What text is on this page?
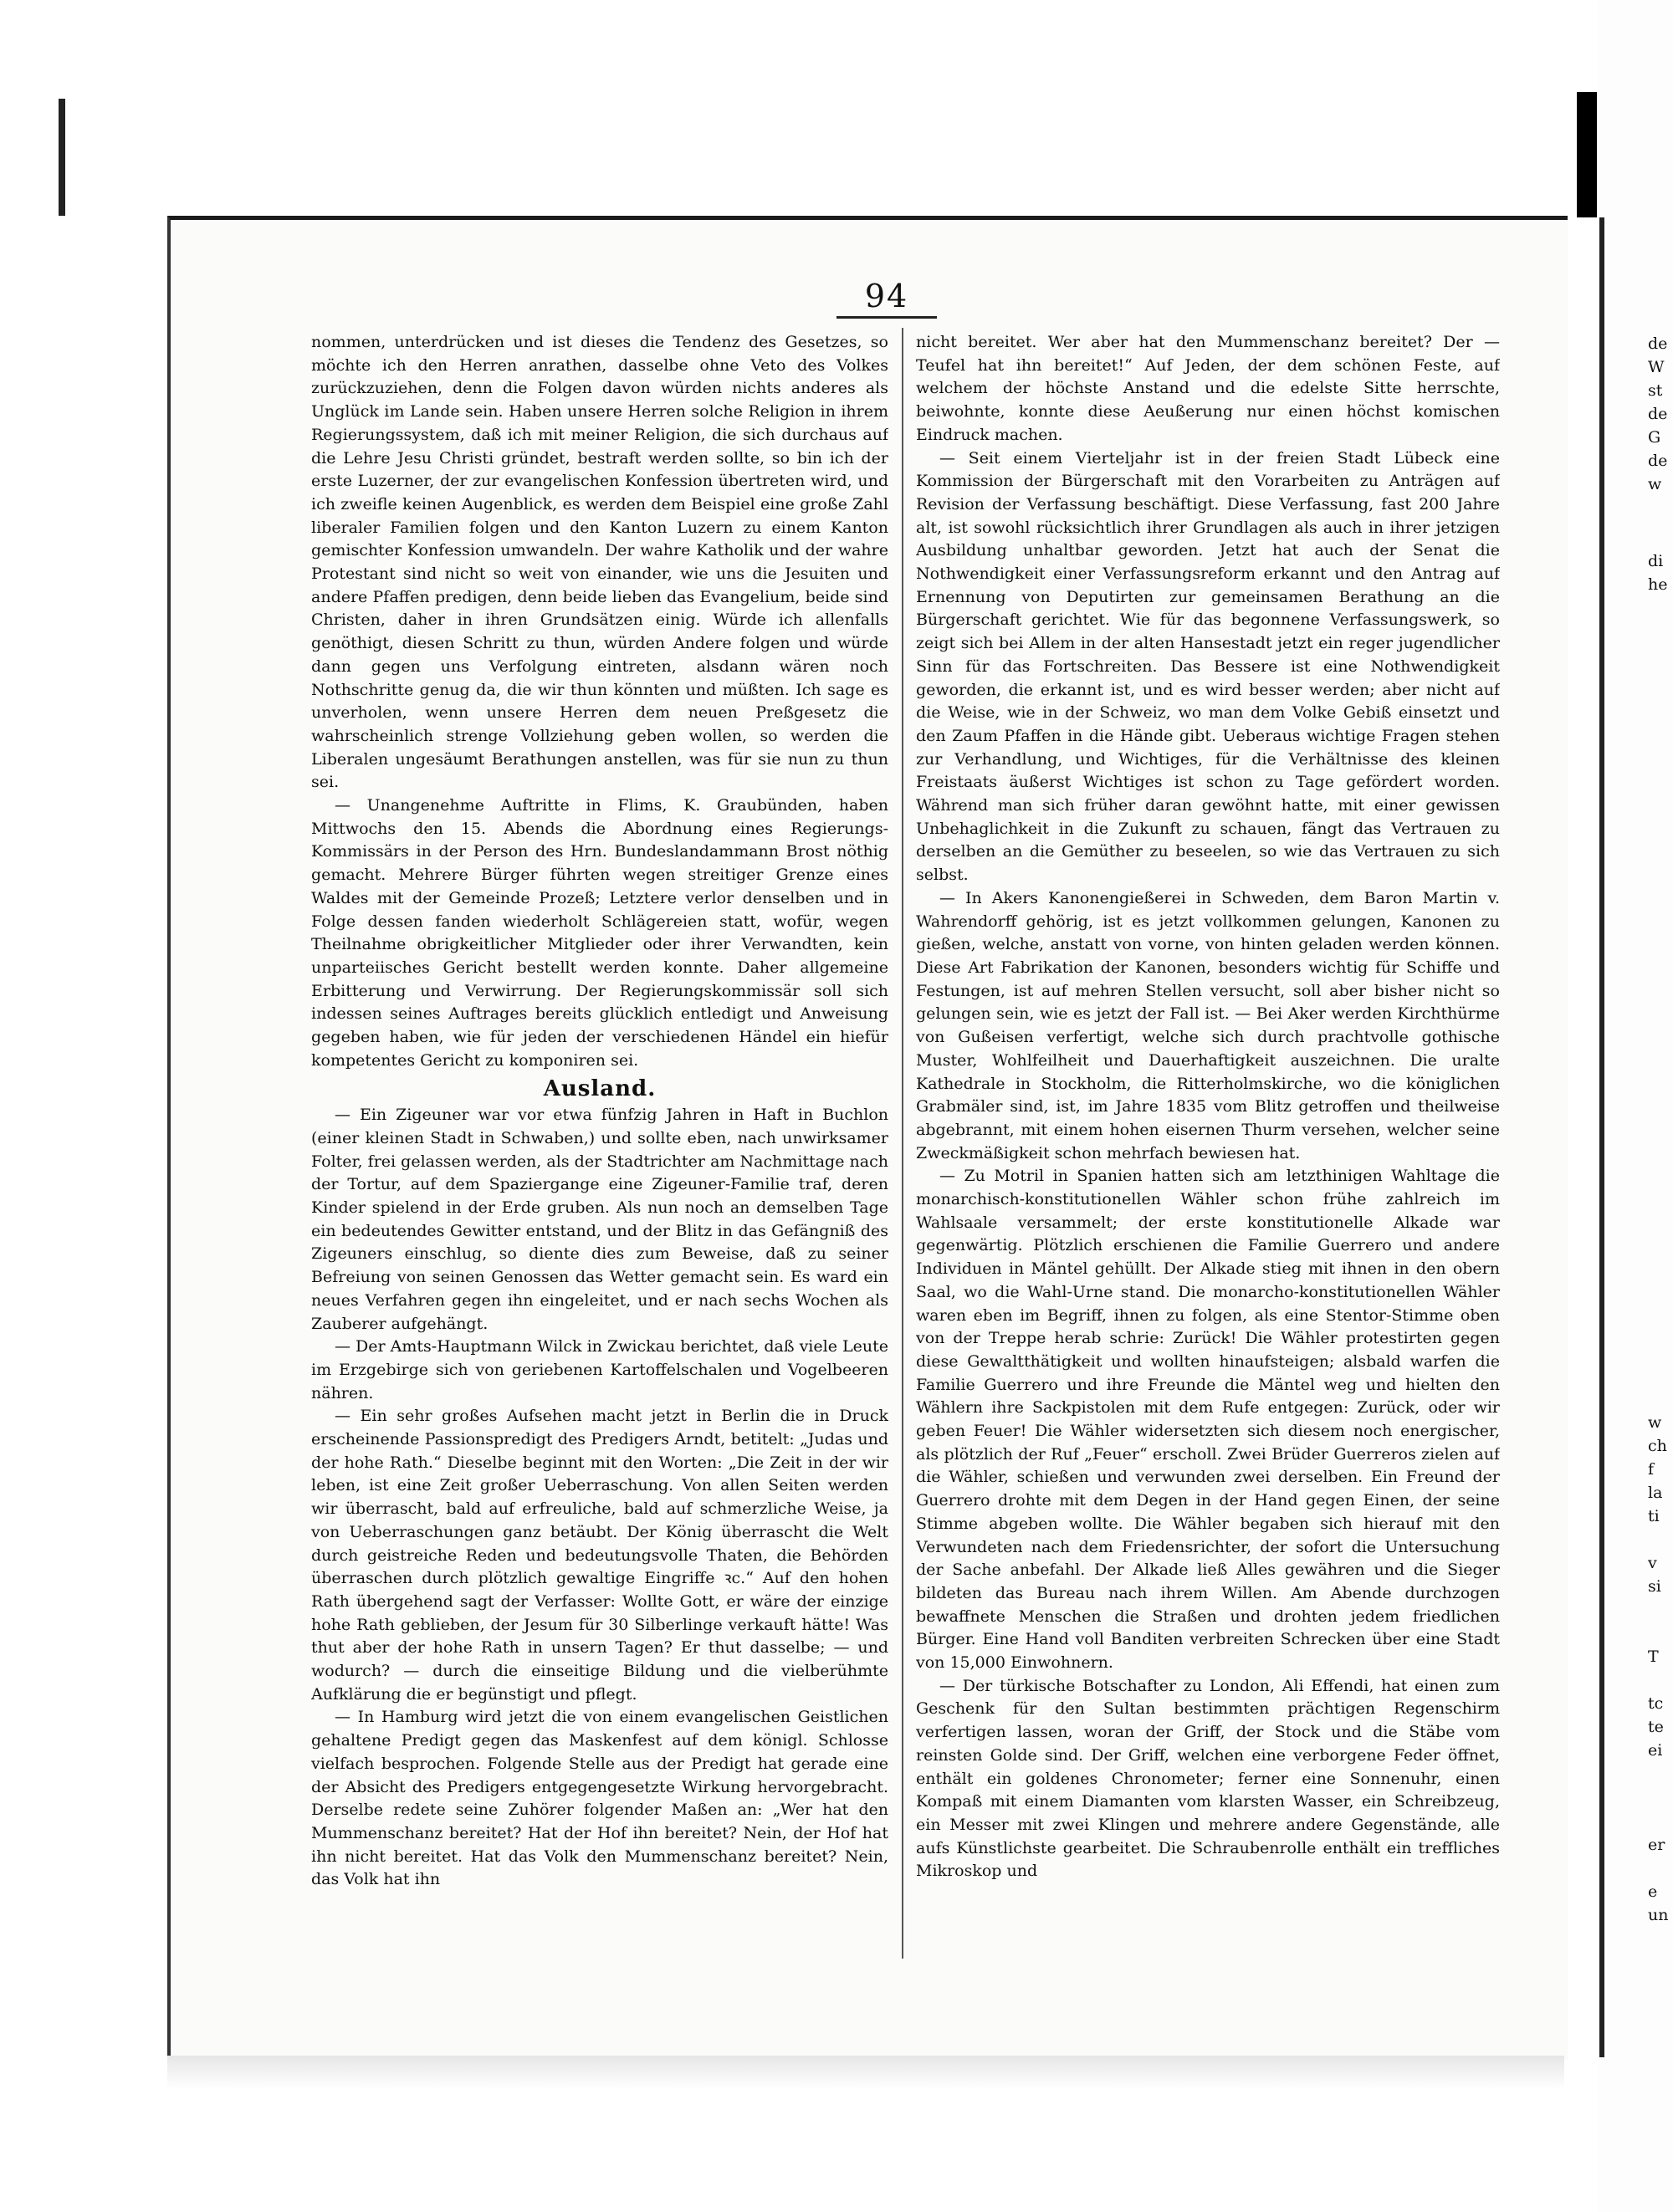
94

nommen, unterdrücken und ist dieses die Tendenz des Gesetzes, so möchte ich den Herren anrathen, dasselbe ohne Veto des Volkes zurückzuziehen, denn die Folgen davon würden nichts anderes als Unglück im Lande sein. Haben unsere Herren solche Religion in ihrem Regierungssystem, daß ich mit meiner Religion, die sich durchaus auf die Lehre Jesu Christi gründet, bestraft werden sollte, so bin ich der erste Luzerner, der zur evangelischen Konfession übertreten wird, und ich zweifle keinen Augenblick, es werden dem Beispiel eine große Zahl liberaler Familien folgen und den Kanton Luzern zu einem Kanton gemischter Konfession umwandeln. Der wahre Katholik und der wahre Protestant sind nicht so weit von einander, wie uns die Jesuiten und andere Pfaffen predigen, denn beide lieben das Evangelium, beide sind Christen, daher in ihren Grundsätzen einig. Würde ich allenfalls genöthigt, diesen Schritt zu thun, würden Andere folgen und würde dann gegen uns Verfolgung eintreten, alsdann wären noch Nothschritte genug da, die wir thun könnten und müßten. Ich sage es unverholen, wenn unsere Herren dem neuen Preßgesetz die wahrscheinlich strenge Vollziehung geben wollen, so werden die Liberalen ungesäumt Berathungen anstellen, was für sie nun zu thun sei.

— Unangenehme Auftritte in Flims, K. Graubünden, haben Mittwochs den 15. Abends die Abordnung eines Regierungs-Kommissärs in der Person des Hrn. Bundeslandammann Brost nöthig gemacht. Mehrere Bürger führten wegen streitiger Grenze eines Waldes mit der Gemeinde Prozeß; Letztere verlor denselben und in Folge dessen fanden wiederholt Schlägereien statt, wofür, wegen Theilnahme obrigkeitlicher Mitglieder oder ihrer Verwandten, kein unparteiisches Gericht bestellt werden konnte. Daher allgemeine Erbitterung und Verwirrung. Der Regierungskommissär soll sich indessen seines Auftrages bereits glücklich entledigt und Anweisung gegeben haben, wie für jeden der verschiedenen Händel ein hiefür kompetentes Gericht zu komponiren sei.

Ausland.

— Ein Zigeuner war vor etwa fünfzig Jahren in Haft in Buchlon (einer kleinen Stadt in Schwaben,) und sollte eben, nach unwirksamer Folter, frei gelassen werden, als der Stadtrichter am Nachmittage nach der Tortur, auf dem Spaziergange eine Zigeuner-Familie traf, deren Kinder spielend in der Erde gruben. Als nun noch an demselben Tage ein bedeutendes Gewitter entstand, und der Blitz in das Gefängniß des Zigeuners einschlug, so diente dies zum Beweise, daß zu seiner Befreiung von seinen Genossen das Wetter gemacht sein. Es ward ein neues Verfahren gegen ihn eingeleitet, und er nach sechs Wochen als Zauberer aufgehängt.

— Der Amts-Hauptmann Wilck in Zwickau berichtet, daß viele Leute im Erzgebirge sich von geriebenen Kartoffelschalen und Vogelbeeren nähren.

— Ein sehr großes Aufsehen macht jetzt in Berlin die in Druck erscheinende Passionspredigt des Predigers Arndt, betitelt: „Judas und der hohe Rath.“ Dieselbe beginnt mit den Worten: „Die Zeit in der wir leben, ist eine Zeit großer Ueberraschung. Von allen Seiten werden wir überrascht, bald auf erfreuliche, bald auf schmerzliche Weise, ja von Ueberraschungen ganz betäubt. Der König überrascht die Welt durch geistreiche Reden und bedeutungsvolle Thaten, die Behörden überraschen durch plötzlich gewaltige Eingriffe ꝛc.“ Auf den hohen Rath übergehend sagt der Verfasser: Wollte Gott, er wäre der einzige hohe Rath geblieben, der Jesum für 30 Silberlinge verkauft hätte! Was thut aber der hohe Rath in unsern Tagen? Er thut dasselbe; — und wodurch? — durch die einseitige Bildung und die vielberühmte Aufklärung die er begünstigt und pflegt.

— In Hamburg wird jetzt die von einem evangelischen Geistlichen gehaltene Predigt gegen das Maskenfest auf dem königl. Schlosse vielfach besprochen. Folgende Stelle aus der Predigt hat gerade eine der Absicht des Predigers entgegengesetzte Wirkung hervorgebracht. Derselbe redete seine Zuhörer folgender Maßen an: „Wer hat den Mummenschanz bereitet? Hat der Hof ihn bereitet? Nein, der Hof hat ihn nicht bereitet. Hat das Volk den Mummenschanz bereitet? Nein, das Volk hat ihn

nicht bereitet. Wer aber hat den Mummenschanz bereitet? Der — Teufel hat ihn bereitet!“ Auf Jeden, der dem schönen Feste, auf welchem der höchste Anstand und die edelste Sitte herrschte, beiwohnte, konnte diese Aeußerung nur einen höchst komischen Eindruck machen.

— Seit einem Vierteljahr ist in der freien Stadt Lübeck eine Kommission der Bürgerschaft mit den Vorarbeiten zu Anträgen auf Revision der Verfassung beschäftigt. Diese Verfassung, fast 200 Jahre alt, ist sowohl rücksichtlich ihrer Grundlagen als auch in ihrer jetzigen Ausbildung unhaltbar geworden. Jetzt hat auch der Senat die Nothwendigkeit einer Verfassungsreform erkannt und den Antrag auf Ernennung von Deputirten zur gemeinsamen Berathung an die Bürgerschaft gerichtet. Wie für das begonnene Verfassungswerk, so zeigt sich bei Allem in der alten Hansestadt jetzt ein reger jugendlicher Sinn für das Fortschreiten. Das Bessere ist eine Nothwendigkeit geworden, die erkannt ist, und es wird besser werden; aber nicht auf die Weise, wie in der Schweiz, wo man dem Volke Gebiß einsetzt und den Zaum Pfaffen in die Hände gibt. Ueberaus wichtige Fragen stehen zur Verhandlung, und Wichtiges, für die Verhältnisse des kleinen Freistaats äußerst Wichtiges ist schon zu Tage gefördert worden. Während man sich früher daran gewöhnt hatte, mit einer gewissen Unbehaglichkeit in die Zukunft zu schauen, fängt das Vertrauen zu derselben an die Gemüther zu beseelen, so wie das Vertrauen zu sich selbst.

— In Akers Kanonengießerei in Schweden, dem Baron Martin v. Wahrendorff gehörig, ist es jetzt vollkommen gelungen, Kanonen zu gießen, welche, anstatt von vorne, von hinten geladen werden können. Diese Art Fabrikation der Kanonen, besonders wichtig für Schiffe und Festungen, ist auf mehren Stellen versucht, soll aber bisher nicht so gelungen sein, wie es jetzt der Fall ist. — Bei Aker werden Kirchthürme von Gußeisen verfertigt, welche sich durch prachtvolle gothische Muster, Wohlfeilheit und Dauerhaftigkeit auszeichnen. Die uralte Kathedrale in Stockholm, die Ritterholmskirche, wo die königlichen Grabmäler sind, ist, im Jahre 1835 vom Blitz getroffen und theilweise abgebrannt, mit einem hohen eisernen Thurm versehen, welcher seine Zweckmäßigkeit schon mehrfach bewiesen hat.

— Zu Motril in Spanien hatten sich am letzthinigen Wahltage die monarchisch-konstitutionellen Wähler schon frühe zahlreich im Wahlsaale versammelt; der erste konstitutionelle Alkade war gegenwärtig. Plötzlich erschienen die Familie Guerrero und andere Individuen in Mäntel gehüllt. Der Alkade stieg mit ihnen in den obern Saal, wo die Wahl-Urne stand. Die monarcho-konstitutionellen Wähler waren eben im Begriff, ihnen zu folgen, als eine Stentor-Stimme oben von der Treppe herab schrie: Zurück! Die Wähler protestirten gegen diese Gewaltthätigkeit und wollten hinaufsteigen; alsbald warfen die Familie Guerrero und ihre Freunde die Mäntel weg und hielten den Wählern ihre Sackpistolen mit dem Rufe entgegen: Zurück, oder wir geben Feuer! Die Wähler widersetzten sich diesem noch energischer, als plötzlich der Ruf „Feuer“ erscholl. Zwei Brüder Guerreros zielen auf die Wähler, schießen und verwunden zwei derselben. Ein Freund der Guerrero drohte mit dem Degen in der Hand gegen Einen, der seine Stimme abgeben wollte. Die Wähler begaben sich hierauf mit den Verwundeten nach dem Friedensrichter, der sofort die Untersuchung der Sache anbefahl. Der Alkade ließ Alles gewähren und die Sieger bildeten das Bureau nach ihrem Willen. Am Abende durchzogen bewaffnete Menschen die Straßen und drohten jedem friedlichen Bürger. Eine Hand voll Banditen verbreiten Schrecken über eine Stadt von 15,000 Einwohnern.

— Der türkische Botschafter zu London, Ali Effendi, hat einen zum Geschenk für den Sultan bestimmten prächtigen Regenschirm verfertigen lassen, woran der Griff, der Stock und die Stäbe vom reinsten Golde sind. Der Griff, welchen eine verborgene Feder öffnet, enthält ein goldenes Chronometer; ferner eine Sonnenuhr, einen Kompaß mit einem Diamanten vom klarsten Wasser, ein Schreibzeug, ein Messer mit zwei Klingen und mehrere andere Gegenstände, alle aufs Künstlichste gearbeitet. Die Schraubenrolle enthält ein treffliches Mikroskop und

de
W
st
de
G
de
w
di
he
w
ch
f
la
ti
v
si
T
tc
te
ei
er
e
un
